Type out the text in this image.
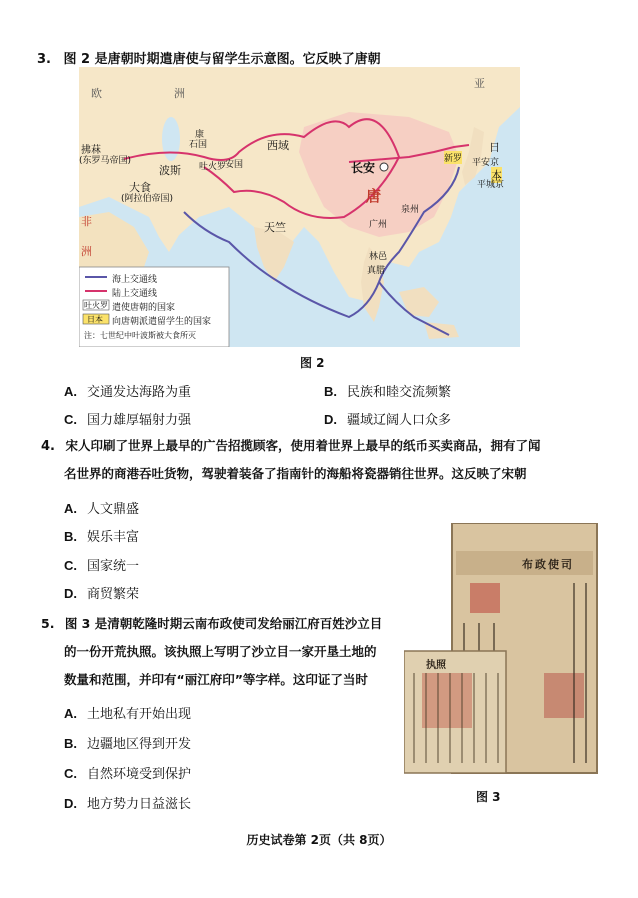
3. 图 2 是唐朝时期遣唐使与留学生示意图。它反映了唐朝
欧	洲
亚
西域
长安
唐
天竺
波斯
大食
(阿拉伯帝国)
拂菻
(东罗马帝国)
吐火罗
安国
康
石国
新罗
日
本
平安京
平城京
广州
泉州
林邑
真腊
非
洲
海上交通线
陆上交通线
吐火罗 遣使唐朝的国家
日本 向唐朝派遣留学生的国家
注：七世纪中叶波斯被大食所灭
图 2
A. 交通发达海路为重	B. 民族和睦交流频繁
C. 国力雄厚辐射力强	D. 疆域辽阔人口众多
4. 宋人印刷了世界上最早的广告招揽顾客，使用着世界上最早的纸币买卖商品，拥有了闻
名世界的商港吞吐货物，驾驶着装备了指南针的海船将瓷器销往世界。这反映了宋朝
A. 人文鼎盛
B. 娱乐丰富
C. 国家统一
D. 商贸繁荣
5. 图 3 是清朝乾隆时期云南布政使司发给丽江府百姓沙立目
的一份开荒执照。该执照上写明了沙立目一家开垦土地的
数量和范围，并印有“丽江府印”等字样。这印证了当时
A. 土地私有开始出现
B. 边疆地区得到开发
C. 自然环境受到保护
D. 地方势力日益滋长
布政使司
执照
图 3
历史试卷第 2页（共 8页）
